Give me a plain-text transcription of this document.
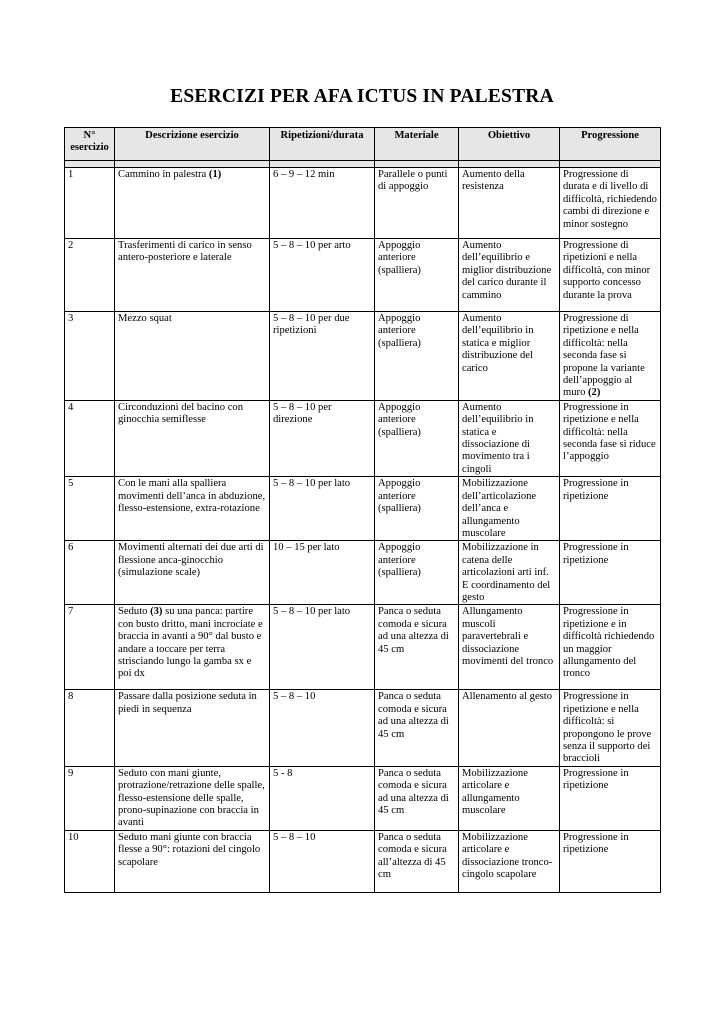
ESERCIZI PER AFA ICTUS IN PALESTRA
N° esercizio	Descrizione esercizio	Ripetizioni/durata	Materiale	Obiettivo	Progressione

1	Cammino in palestra (1)	6 – 9 – 12 min	Parallele o punti di appoggio	Aumento della resistenza	Progressione di durata e di livello di difficoltà, richiedendo cambi di direzione e minor sostegno
2	Trasferimenti di carico in senso antero-posteriore e laterale	5 – 8 – 10 per arto	Appoggio anteriore (spalliera)	Aumento dell’equilibrio e miglior distribuzione del carico durante il cammino	Progressione di ripetizioni e nella difficoltà, con minor supporto concesso durante la prova
3	Mezzo squat	5 – 8 – 10 per due ripetizioni	Appoggio anteriore (spalliera)	Aumento dell’equilibrio in statica e miglior distribuzione del carico	Progressione di ripetizione e nella difficoltà: nella seconda fase si propone la variante dell’appoggio al muro (2)
4	Circonduzioni del bacino con ginocchia semiflesse	5 – 8 – 10 per direzione	Appoggio anteriore (spalliera)	Aumento dell’equilibrio in statica e dissociazione di movimento tra i cingoli	Progressione in ripetizione e nella difficoltà: nella seconda fase si riduce l’appoggio
5	Con le mani alla spalliera movimenti dell’anca in abduzione, flesso-estensione, extra-rotazione	5 – 8 – 10 per lato	Appoggio anteriore (spalliera)	Mobilizzazione dell’articolazione dell’anca e allungamento muscolare	Progressione in ripetizione
6	Movimenti alternati dei due arti di flessione anca-ginocchio (simulazione scale)	10 – 15 per lato	Appoggio anteriore (spalliera)	Mobilizzazione in catena delle articolazioni arti inf. E coordinamento del gesto	Progressione in ripetizione
7	Seduto (3) su una panca: partire con busto dritto, mani incrociate e braccia in avanti a 90° dal busto e andare a toccare per terra strisciando lungo la gamba sx e poi dx	5 – 8 – 10 per lato	Panca o seduta comoda e sicura ad una altezza di 45 cm	Allungamento muscoli paravertebrali e dissociazione movimenti del tronco	Progressione in ripetizione e in difficoltà richiedendo un maggior allungamento del tronco
8	Passare dalla posizione seduta in piedi in sequenza	5 – 8 – 10	Panca o seduta comoda e sicura ad una altezza di 45 cm	Allenamento al gesto	Progressione in ripetizione e nella difficoltà: si propongono le prove senza il supporto dei braccioli
9	Seduto con mani giunte, protrazione/retrazione delle spalle, flesso-estensione delle spalle, prono-supinazione con braccia in avanti	5 - 8	Panca o seduta comoda e sicura ad una altezza di 45 cm	Mobilizzazione articolare e allungamento muscolare	Progressione in ripetizione
10	Seduto mani giunte con braccia flesse a 90°: rotazioni del cingolo scapolare	5 – 8 – 10	Panca o seduta comoda e sicura all’altezza di 45 cm	Mobilizzazione articolare e dissociazione tronco-cingolo scapolare	Progressione in ripetizione
